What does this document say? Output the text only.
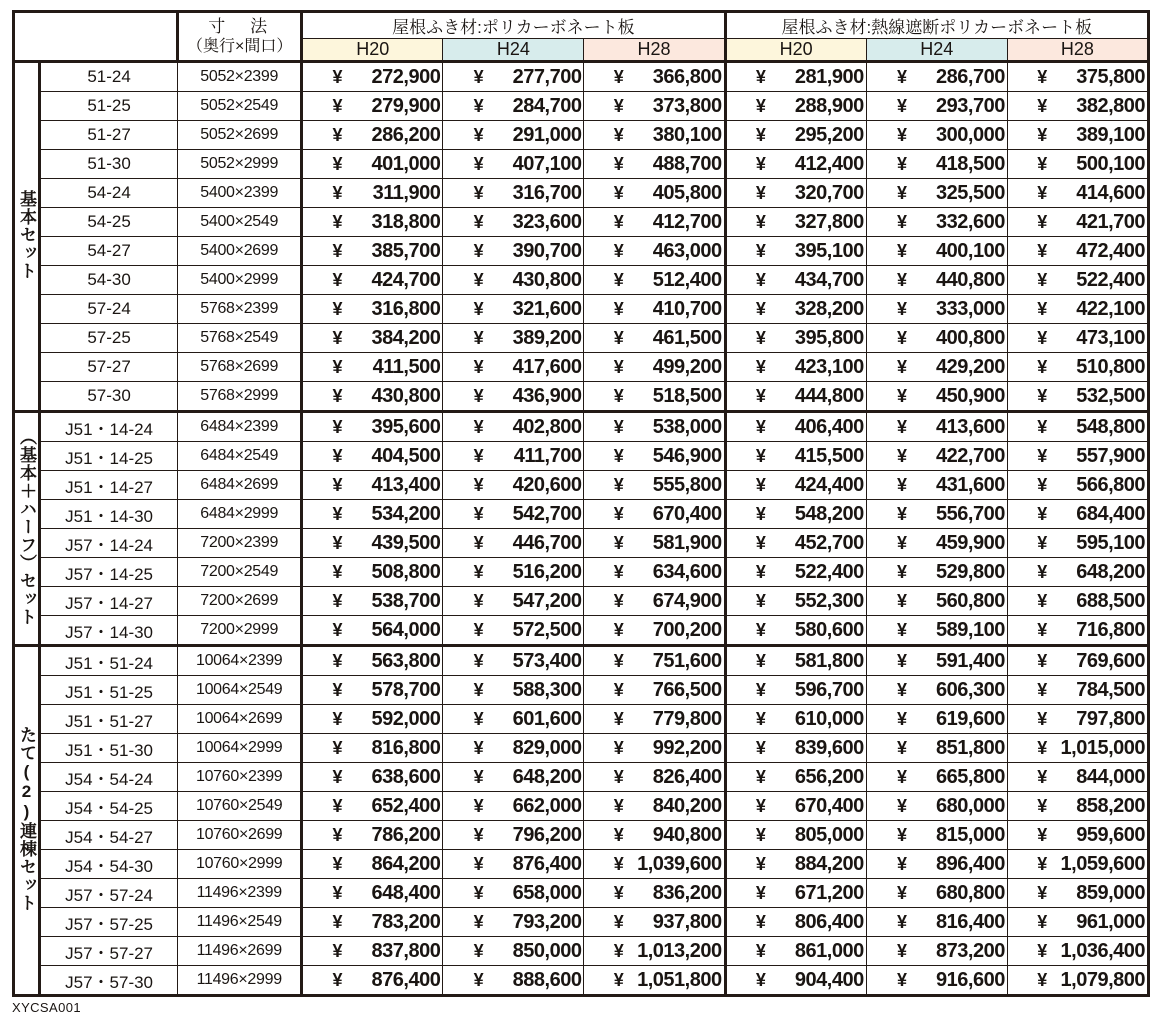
アリュース
600タイプ		寸　法
（奥行×間口）	屋根ふき材:ポリカーボネート板			屋根ふき材:熱線遮断ポリカーボネート板		
			H20	H24	H28	H20	H24	H28
基本セット	51-24	5052×2399	¥ 272,900	¥ 277,700	¥ 366,800	¥ 281,900	¥ 286,700	¥ 375,800

	51-25	5052×2549	¥ 279,900	¥ 284,700	¥ 373,800	¥ 288,900	¥ 293,700	¥ 382,800

	51-27	5052×2699	¥ 286,200	¥ 291,000	¥ 380,100	¥ 295,200	¥ 300,000	¥ 389,100

	51-30	5052×2999	¥ 401,000	¥ 407,100	¥ 488,700	¥ 412,400	¥ 418,500	¥ 500,100

	54-24	5400×2399	¥ 311,900	¥ 316,700	¥ 405,800	¥ 320,700	¥ 325,500	¥ 414,600

	54-25	5400×2549	¥ 318,800	¥ 323,600	¥ 412,700	¥ 327,800	¥ 332,600	¥ 421,700

	54-27	5400×2699	¥ 385,700	¥ 390,700	¥ 463,000	¥ 395,100	¥ 400,100	¥ 472,400

	54-30	5400×2999	¥ 424,700	¥ 430,800	¥ 512,400	¥ 434,700	¥ 440,800	¥ 522,400

	57-24	5768×2399	¥ 316,800	¥ 321,600	¥ 410,700	¥ 328,200	¥ 333,000	¥ 422,100

	57-25	5768×2549	¥ 384,200	¥ 389,200	¥ 461,500	¥ 395,800	¥ 400,800	¥ 473,100

	57-27	5768×2699	¥ 411,500	¥ 417,600	¥ 499,200	¥ 423,100	¥ 429,200	¥ 510,800

	57-30	5768×2999	¥ 430,800	¥ 436,900	¥ 518,500	¥ 444,800	¥ 450,900	¥ 532,500

（基本＋ハーフ）セット	J51・14-24	6484×2399	¥ 395,600	¥ 402,800	¥ 538,000	¥ 406,400	¥ 413,600	¥ 548,800

	J51・14-25	6484×2549	¥ 404,500	¥ 411,700	¥ 546,900	¥ 415,500	¥ 422,700	¥ 557,900

	J51・14-27	6484×2699	¥ 413,400	¥ 420,600	¥ 555,800	¥ 424,400	¥ 431,600	¥ 566,800

	J51・14-30	6484×2999	¥ 534,200	¥ 542,700	¥ 670,400	¥ 548,200	¥ 556,700	¥ 684,400

	J57・14-24	7200×2399	¥ 439,500	¥ 446,700	¥ 581,900	¥ 452,700	¥ 459,900	¥ 595,100

	J57・14-25	7200×2549	¥ 508,800	¥ 516,200	¥ 634,600	¥ 522,400	¥ 529,800	¥ 648,200

	J57・14-27	7200×2699	¥ 538,700	¥ 547,200	¥ 674,900	¥ 552,300	¥ 560,800	¥ 688,500

	J57・14-30	7200×2999	¥ 564,000	¥ 572,500	¥ 700,200	¥ 580,600	¥ 589,100	¥ 716,800

たて(2)連棟セット	J51・51-24	10064×2399	¥ 563,800	¥ 573,400	¥ 751,600	¥ 581,800	¥ 591,400	¥ 769,600

	J51・51-25	10064×2549	¥ 578,700	¥ 588,300	¥ 766,500	¥ 596,700	¥ 606,300	¥ 784,500

	J51・51-27	10064×2699	¥ 592,000	¥ 601,600	¥ 779,800	¥ 610,000	¥ 619,600	¥ 797,800

	J51・51-30	10064×2999	¥ 816,800	¥ 829,000	¥ 992,200	¥ 839,600	¥ 851,800	¥ 1,015,000

	J54・54-24	10760×2399	¥ 638,600	¥ 648,200	¥ 826,400	¥ 656,200	¥ 665,800	¥ 844,000

	J54・54-25	10760×2549	¥ 652,400	¥ 662,000	¥ 840,200	¥ 670,400	¥ 680,000	¥ 858,200

	J54・54-27	10760×2699	¥ 786,200	¥ 796,200	¥ 940,800	¥ 805,000	¥ 815,000	¥ 959,600

	J54・54-30	10760×2999	¥ 864,200	¥ 876,400	¥ 1,039,600	¥ 884,200	¥ 896,400	¥ 1,059,600

	J57・57-24	11496×2399	¥ 648,400	¥ 658,000	¥ 836,200	¥ 671,200	¥ 680,800	¥ 859,000

	J57・57-25	11496×2549	¥ 783,200	¥ 793,200	¥ 937,800	¥ 806,400	¥ 816,400	¥ 961,000

	J57・57-27	11496×2699	¥ 837,800	¥ 850,000	¥ 1,013,200	¥ 861,000	¥ 873,200	¥ 1,036,400

	J57・57-30	11496×2999	¥ 876,400	¥ 888,600	¥ 1,051,800	¥ 904,400	¥ 916,600	¥ 1,079,800
XYCSA001
